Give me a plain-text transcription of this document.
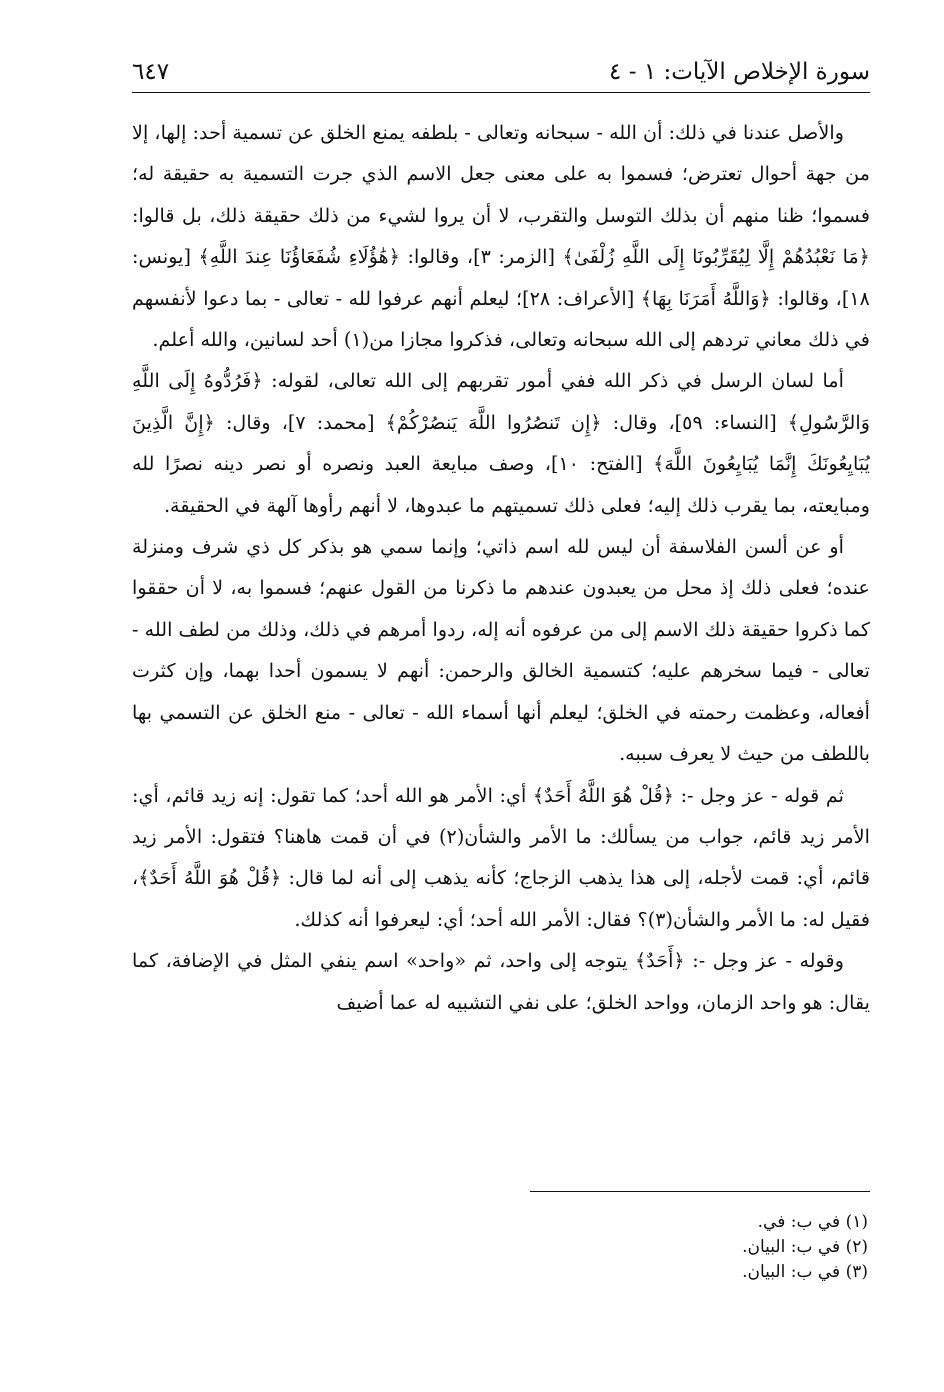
سورة الإخلاص الآيات: ١ - ٤
٦٤٧

والأصل عندنا في ذلك: أن الله - سبحانه وتعالى - بلطفه يمنع الخلق عن تسمية أحد: إلها، إلا من جهة أحوال تعترض؛ فسموا به على معنى جعل الاسم الذي جرت التسمية به حقيقة له؛ فسموا؛ ظنا منهم أن بذلك التوسل والتقرب، لا أن يروا لشيء من ذلك حقيقة ذلك، بل قالوا: ﴿مَا نَعْبُدُهُمْ إِلَّا لِيُقَرِّبُونَا إِلَى اللَّهِ زُلْفَىٰ﴾ [الزمر: ٣]، وقالوا: ﴿هَٰؤُلَاءِ شُفَعَاؤُنَا عِندَ اللَّهِ﴾ [يونس: ١٨]، وقالوا: ﴿وَاللَّهُ أَمَرَنَا بِهَا﴾ [الأعراف: ٢٨]؛ ليعلم أنهم عرفوا لله - تعالى - بما دعوا لأنفسهم في ذلك معاني تردهم إلى الله سبحانه وتعالى، فذكروا مجازا من(١) أحد لسانين، والله أعلم.

أما لسان الرسل في ذكر الله ففي أمور تقربهم إلى الله تعالى، لقوله: ﴿فَرُدُّوهُ إِلَى اللَّهِ وَالرَّسُولِ﴾ [النساء: ٥٩]، وقال: ﴿إِن تَنصُرُوا اللَّهَ يَنصُرْكُمْ﴾ [محمد: ٧]، وقال: ﴿إِنَّ الَّذِينَ يُبَايِعُونَكَ إِنَّمَا يُبَايِعُونَ اللَّهَ﴾ [الفتح: ١٠]، وصف مبايعة العبد ونصره أو نصر دينه نصرًا لله ومبايعته، بما يقرب ذلك إليه؛ فعلى ذلك تسميتهم ما عبدوها، لا أنهم رأوها آلهة في الحقيقة.

أو عن ألسن الفلاسفة أن ليس لله اسم ذاتي؛ وإنما سمي هو بذكر كل ذي شرف ومنزلة عنده؛ فعلى ذلك إذ محل من يعبدون عندهم ما ذكرنا من القول عنهم؛ فسموا به، لا أن حققوا كما ذكروا حقيقة ذلك الاسم إلى من عرفوه أنه إله، ردوا أمرهم في ذلك، وذلك من لطف الله - تعالى - فيما سخرهم عليه؛ كتسمية الخالق والرحمن: أنهم لا يسمون أحدا بهما، وإن كثرت أفعاله، وعظمت رحمته في الخلق؛ ليعلم أنها أسماء الله - تعالى - منع الخلق عن التسمي بها باللطف من حيث لا يعرف سببه.

ثم قوله - عز وجل -: ﴿قُلْ هُوَ اللَّهُ أَحَدٌ﴾ أي: الأمر هو الله أحد؛ كما تقول: إنه زيد قائم، أي: الأمر زيد قائم، جواب من يسألك: ما الأمر والشأن(٢) في أن قمت هاهنا؟ فتقول: الأمر زيد قائم، أي: قمت لأجله، إلى هذا يذهب الزجاج؛ كأنه يذهب إلى أنه لما قال: ﴿قُلْ هُوَ اللَّهُ أَحَدٌ﴾، فقيل له: ما الأمر والشأن(٣)؟ فقال: الأمر الله أحد؛ أي: ليعرفوا أنه كذلك.

وقوله - عز وجل -: ﴿أَحَدٌ﴾ يتوجه إلى واحد، ثم «واحد» اسم ينفي المثل في الإضافة، كما يقال: هو واحد الزمان، وواحد الخلق؛ على نفي التشبيه له عما أضيف

(١) في ب: في.
(٢) في ب: البيان.
(٣) في ب: البيان.
